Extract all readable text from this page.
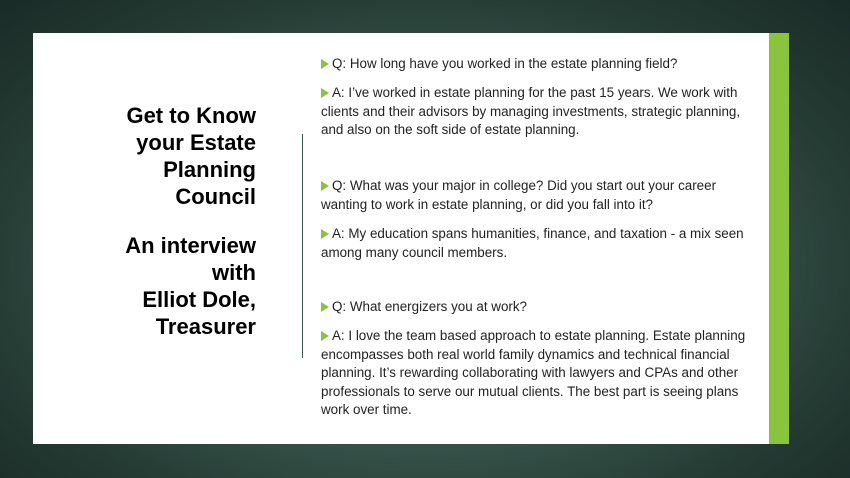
Get to Know
your Estate
Planning
Council
An interview
with
Elliot Dole,
Treasurer
Q: How long have you worked in the estate planning field?
A: I’ve worked in estate planning for the past 15 years. We work with clients and their advisors by managing investments, strategic planning, and also on the soft side of estate planning.
Q: What was your major in college? Did you start out your career wanting to work in estate planning, or did you fall into it?
A: My education spans humanities, finance, and taxation - a mix seen among many council members.
Q: What energizers you at work?
A: I love the team based approach to estate planning. Estate planning encompasses both real world family dynamics and technical financial planning. It’s rewarding collaborating with lawyers and CPAs and other professionals to serve our mutual clients. The best part is seeing plans work over time.
